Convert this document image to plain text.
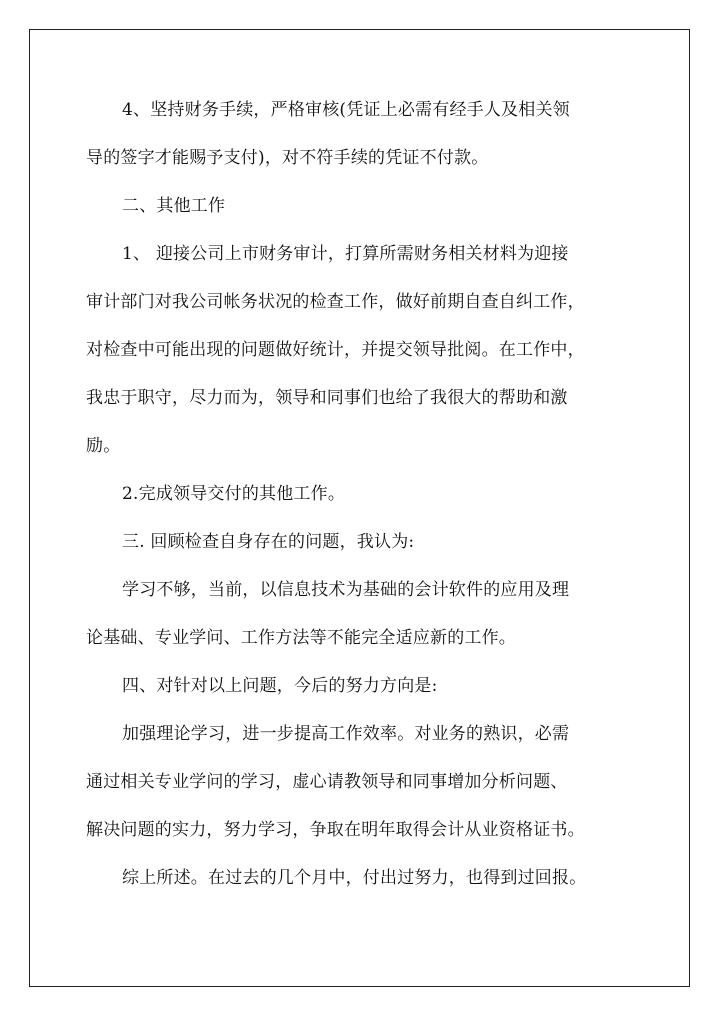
4、坚持财务手续，严格审核(凭证上必需有经手人及相关领
导的签字才能赐予支付)，对不符手续的凭证不付款。
二、其他工作
1、 迎接公司上市财务审计，打算所需财务相关材料为迎接
审计部门对我公司帐务状况的检查工作，做好前期自查自纠工作，
对检查中可能出现的问题做好统计，并提交领导批阅。在工作中，
我忠于职守，尽力而为，领导和同事们也给了我很大的帮助和激
励。
2.完成领导交付的其他工作。
三. 回顾检查自身存在的问题，我认为:
学习不够，当前，以信息技术为基础的会计软件的应用及理
论基础、专业学问、工作方法等不能完全适应新的工作。
四、对针对以上问题，今后的努力方向是:
加强理论学习，进一步提高工作效率。对业务的熟识，必需
通过相关专业学问的学习，虚心请教领导和同事增加分析问题、
解决问题的实力，努力学习，争取在明年取得会计从业资格证书。
综上所述。在过去的几个月中，付出过努力，也得到过回报。
